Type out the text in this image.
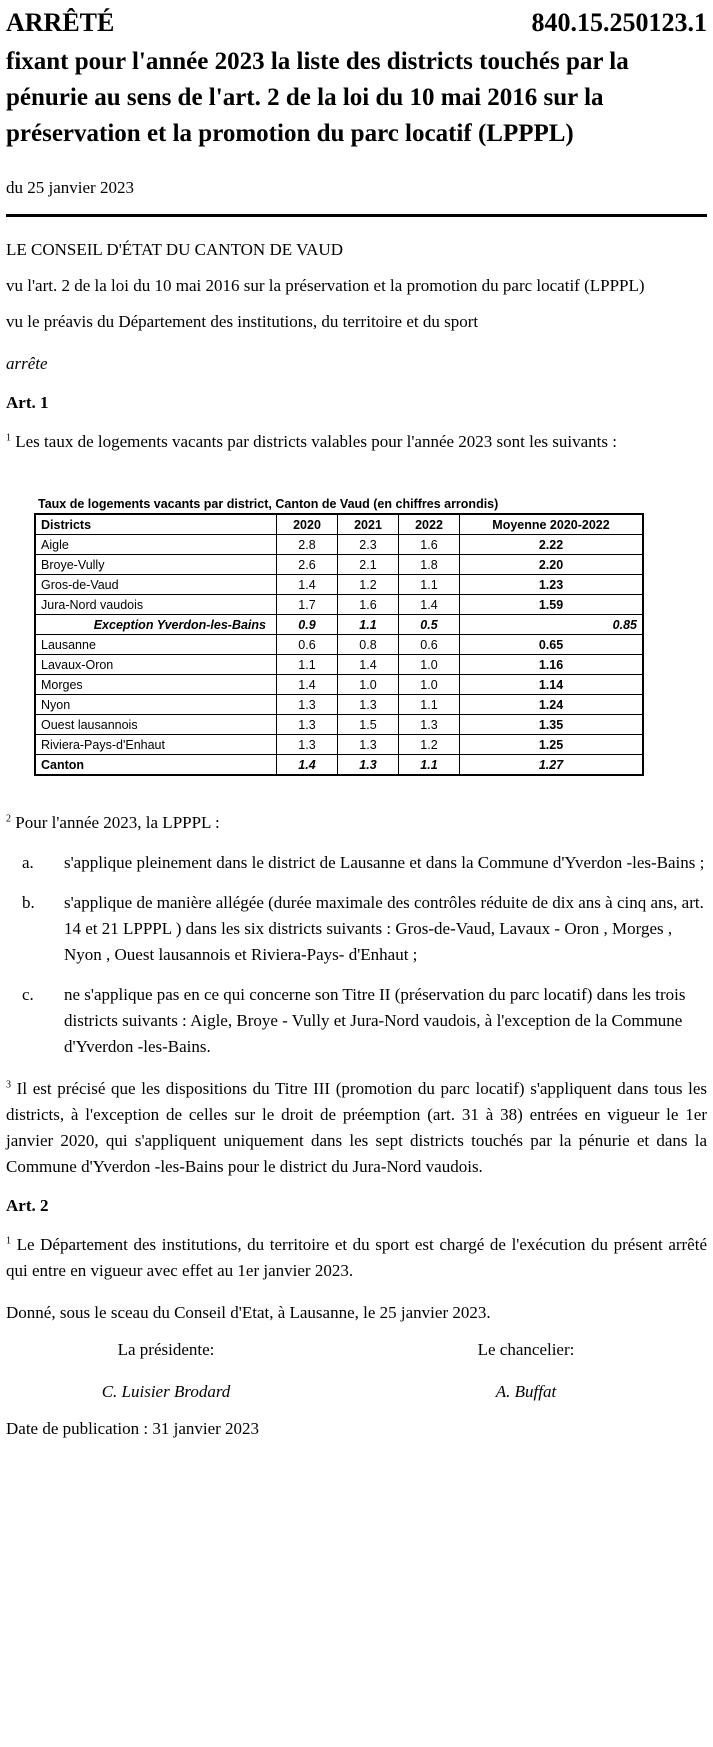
ARRÊTÉ	840.15.250123.1
fixant pour l'année 2023 la liste des districts touchés par la pénurie au sens de l'art. 2 de la loi du 10 mai 2016 sur la préservation et la promotion du parc locatif (LPPPL)
du 25 janvier 2023

LE CONSEIL D'ÉTAT DU CANTON DE VAUD

vu l'art. 2 de la loi du 10 mai 2016 sur la préservation et la promotion du parc locatif (LPPPL)

vu le préavis du Département des institutions, du territoire et du sport

arrête

Art. 1

$^1$ Les taux de logements vacants par districts valables pour l'année 2023 sont les suivants :

Taux de logements vacants par district, Canton de Vaud (en chiffres arrondis)
Districts	2020	2021	2022	Moyenne 2020-2022
Aigle	2.8	2.3	1.6	2.22
Broye-Vully	2.6	2.1	1.8	2.20
Gros-de-Vaud	1.4	1.2	1.1	1.23
Jura-Nord vaudois	1.7	1.6	1.4	1.59
Exception Yverdon-les-Bains	0.9	1.1	0.5	0.85
Lausanne	0.6	0.8	0.6	0.65
Lavaux-Oron	1.1	1.4	1.0	1.16
Morges	1.4	1.0	1.0	1.14
Nyon	1.3	1.3	1.1	1.24
Ouest lausannois	1.3	1.5	1.3	1.35
Riviera-Pays-d'Enhaut	1.3	1.3	1.2	1.25
Canton	1.4	1.3	1.1	1.27

$^2$ Pour l'année 2023, la LPPPL :

a.	s'applique pleinement dans le district de Lausanne et dans la Commune d'Yverdon -les-Bains ;
b.	s'applique de manière allégée (durée maximale des contrôles réduite de dix ans à cinq ans, art. 14 et 21 LPPPL ) dans les six districts suivants : Gros-de-Vaud, Lavaux - Oron , Morges , Nyon , Ouest lausannois et Riviera-Pays- d'Enhaut ;
c.	ne s'applique pas en ce qui concerne son Titre II (préservation du parc locatif) dans les trois districts suivants : Aigle, Broye - Vully et Jura-Nord vaudois, à l'exception de la Commune d'Yverdon -les-Bains.

$^3$ Il est précisé que les dispositions du Titre III (promotion du parc locatif) s'appliquent dans tous les districts, à l'exception de celles sur le droit de préemption (art. 31 à 38) entrées en vigueur le 1er janvier 2020, qui s'appliquent uniquement dans les sept districts touchés par la pénurie et dans la Commune d'Yverdon -les-Bains pour le district du Jura-Nord vaudois.

Art. 2

$^1$ Le Département des institutions, du territoire et du sport est chargé de l'exécution du présent arrêté qui entre en vigueur avec effet au 1er janvier 2023.

Donné, sous le sceau du Conseil d'Etat, à Lausanne, le 25 janvier 2023.

La présidente:	Le chancelier:
C. Luisier Brodard	A. Buffat

Date de publication : 31 janvier 2023
